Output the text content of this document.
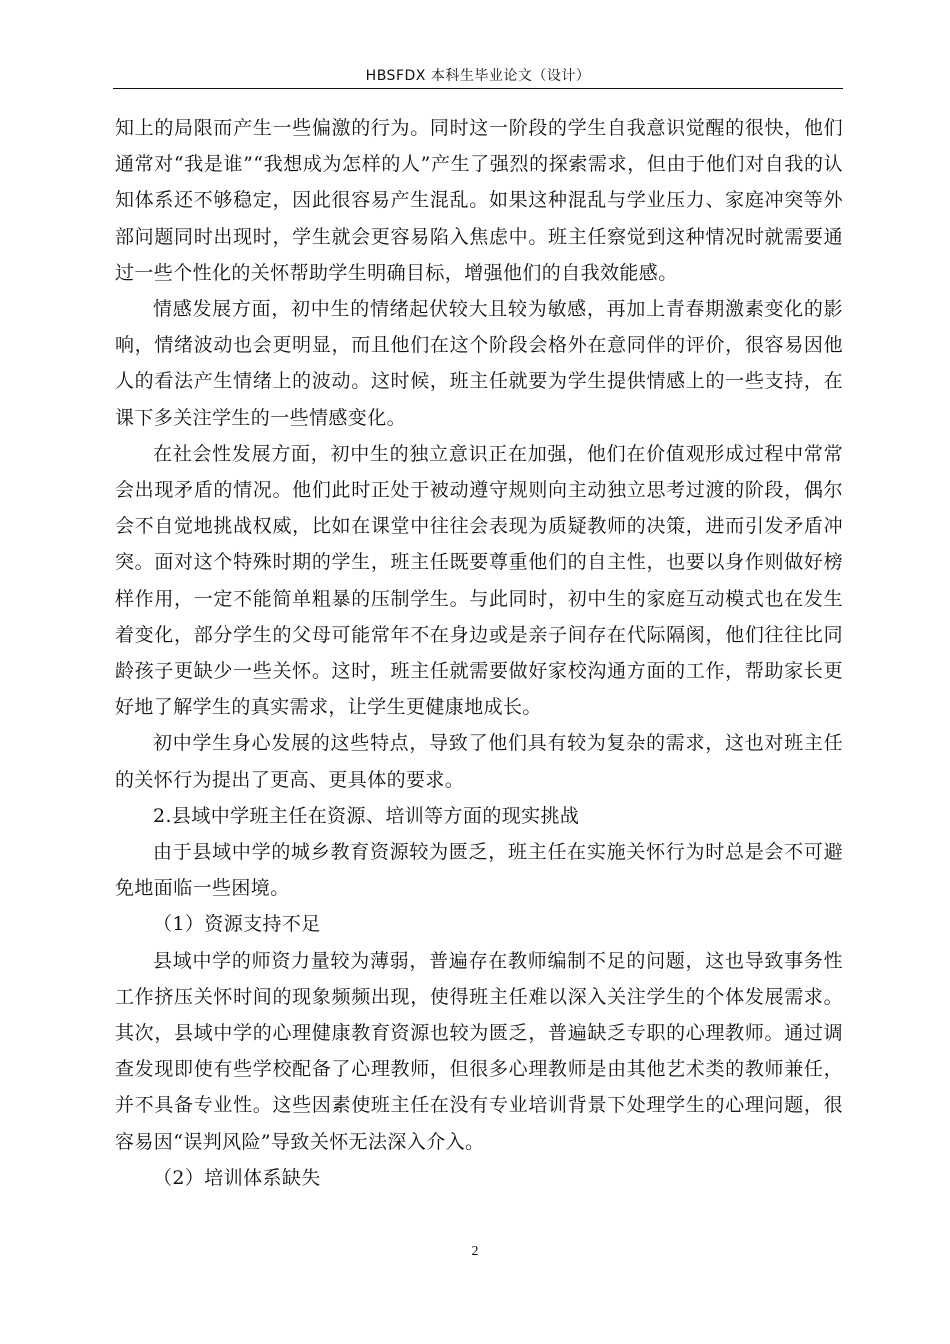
HBSFDX 本科生毕业论文（设计）

知上的局限而产生一些偏激的行为。同时这一阶段的学生自我意识觉醒的很快，他们通常对“我是谁”“我想成为怎样的人”产生了强烈的探索需求，但由于他们对自我的认知体系还不够稳定，因此很容易产生混乱。如果这种混乱与学业压力、家庭冲突等外部问题同时出现时，学生就会更容易陷入焦虑中。班主任察觉到这种情况时就需要通过一些个性化的关怀帮助学生明确目标，增强他们的自我效能感。

情感发展方面，初中生的情绪起伏较大且较为敏感，再加上青春期激素变化的影响，情绪波动也会更明显，而且他们在这个阶段会格外在意同伴的评价，很容易因他人的看法产生情绪上的波动。这时候，班主任就要为学生提供情感上的一些支持，在课下多关注学生的一些情感变化。

在社会性发展方面，初中生的独立意识正在加强，他们在价值观形成过程中常常会出现矛盾的情况。他们此时正处于被动遵守规则向主动独立思考过渡的阶段，偶尔会不自觉地挑战权威，比如在课堂中往往会表现为质疑教师的决策，进而引发矛盾冲突。面对这个特殊时期的学生，班主任既要尊重他们的自主性，也要以身作则做好榜样作用，一定不能简单粗暴的压制学生。与此同时，初中生的家庭互动模式也在发生着变化，部分学生的父母可能常年不在身边或是亲子间存在代际隔阂，他们往往比同龄孩子更缺少一些关怀。这时，班主任就需要做好家校沟通方面的工作，帮助家长更好地了解学生的真实需求，让学生更健康地成长。

初中学生身心发展的这些特点，导致了他们具有较为复杂的需求，这也对班主任的关怀行为提出了更高、更具体的要求。

2.县域中学班主任在资源、培训等方面的现实挑战

由于县域中学的城乡教育资源较为匮乏，班主任在实施关怀行为时总是会不可避免地面临一些困境。

（1）资源支持不足

县域中学的师资力量较为薄弱，普遍存在教师编制不足的问题，这也导致事务性工作挤压关怀时间的现象频频出现，使得班主任难以深入关注学生的个体发展需求。其次，县域中学的心理健康教育资源也较为匮乏，普遍缺乏专职的心理教师。通过调查发现即使有些学校配备了心理教师，但很多心理教师是由其他艺术类的教师兼任，并不具备专业性。这些因素使班主任在没有专业培训背景下处理学生的心理问题，很容易因“误判风险”导致关怀无法深入介入。

（2）培训体系缺失

2
